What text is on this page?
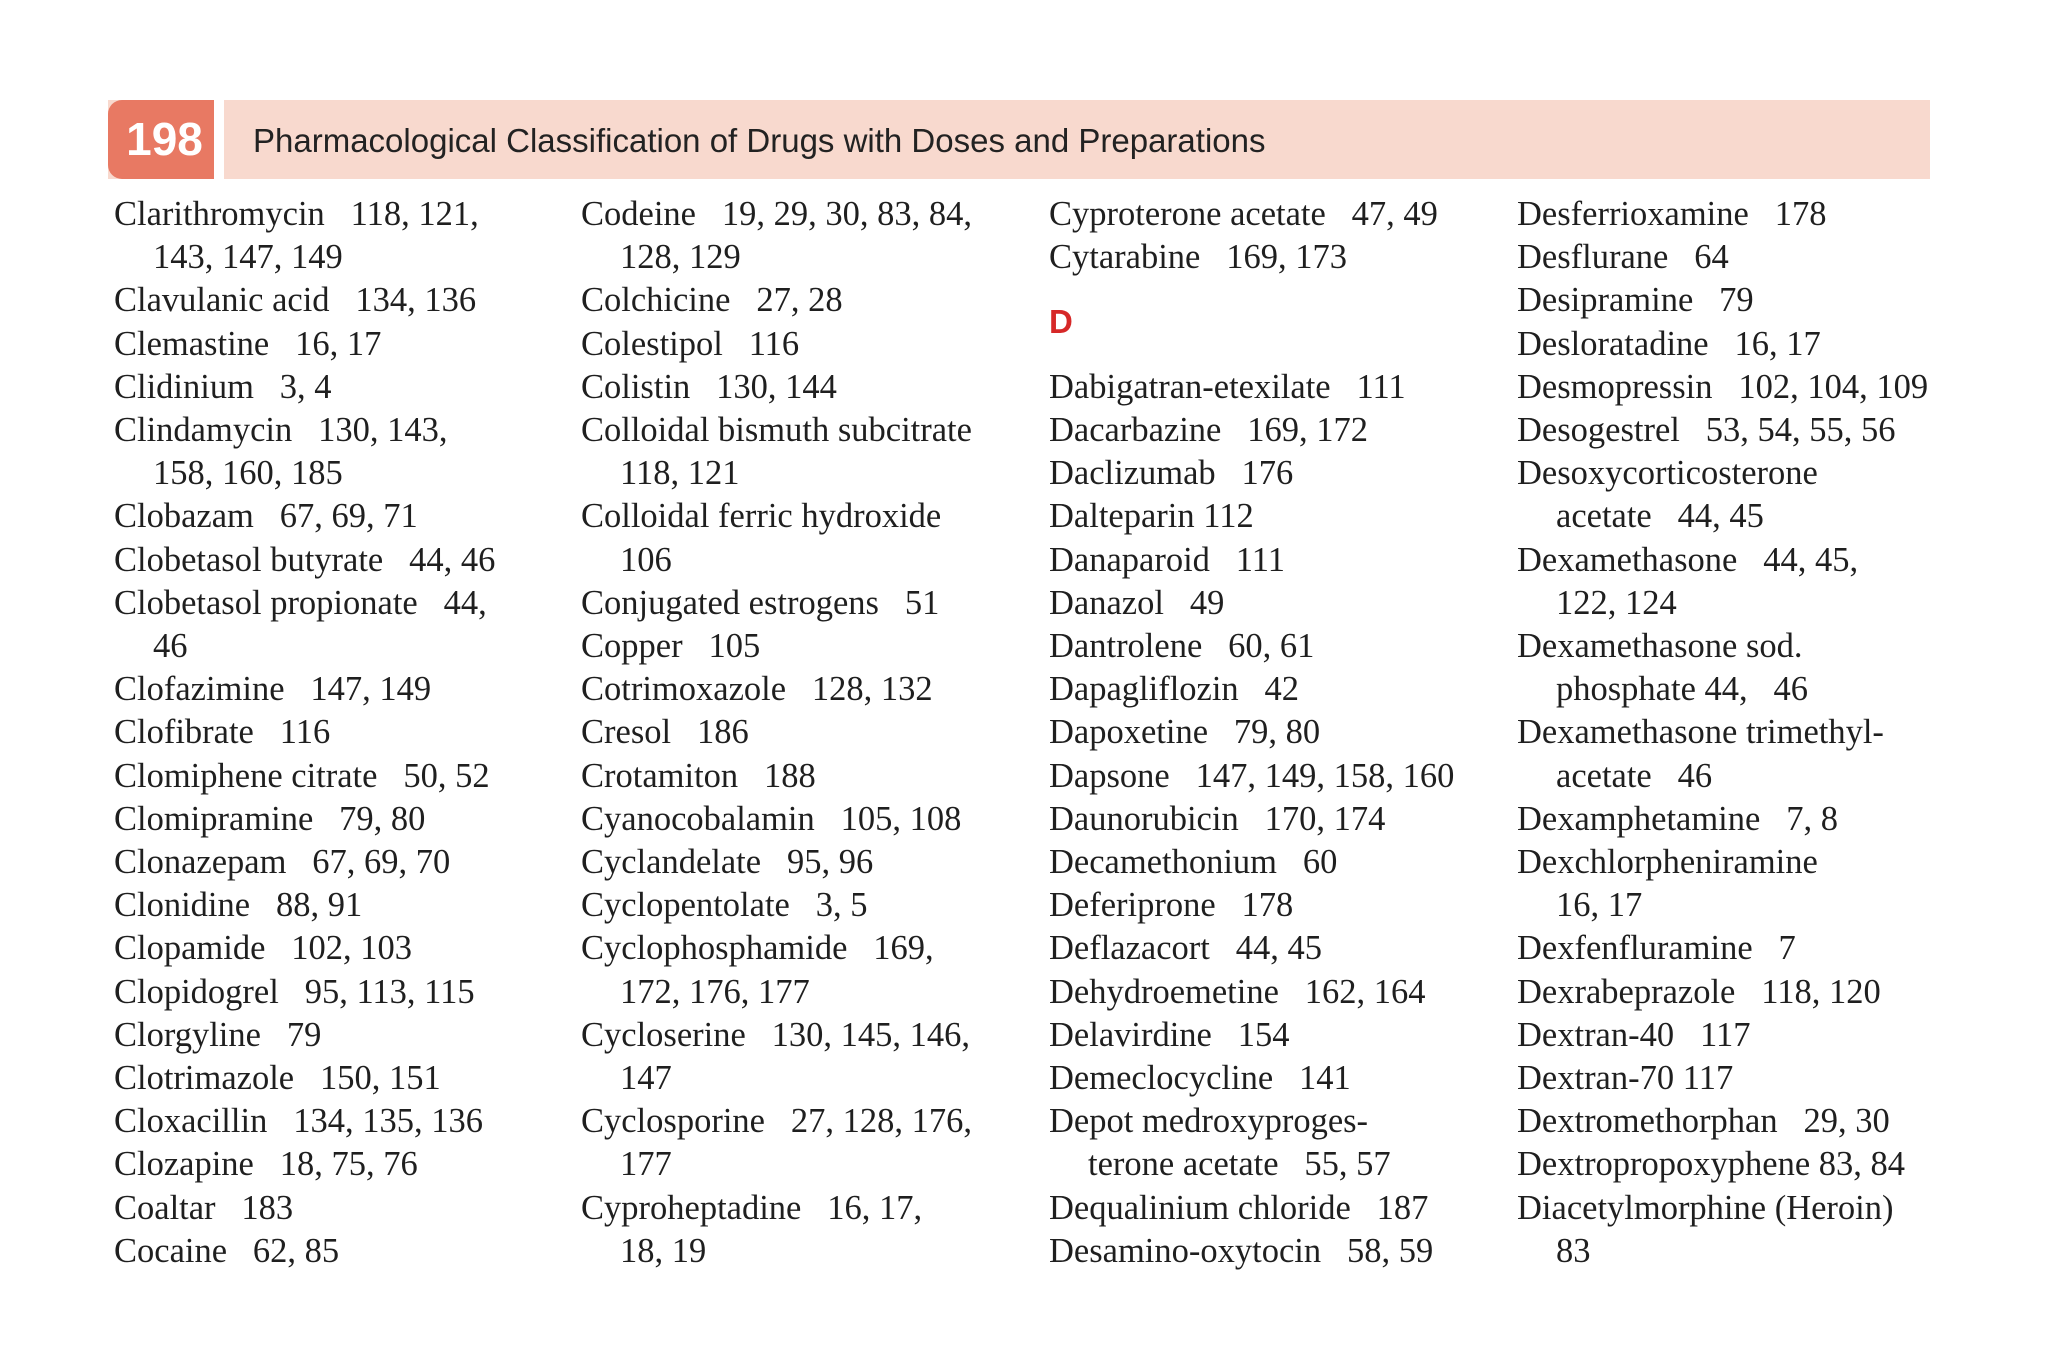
198	Pharmacological Classification of Drugs with Doses and Preparations
Clarithromycin   118, 121,
143, 147, 149
Clavulanic acid   134, 136
Clemastine   16, 17
Clidinium   3, 4
Clindamycin   130, 143,
158, 160, 185
Clobazam   67, 69, 71
Clobetasol butyrate   44, 46
Clobetasol propionate   44,
46
Clofazimine   147, 149
Clofibrate   116
Clomiphene citrate   50, 52
Clomipramine   79, 80
Clonazepam   67, 69, 70
Clonidine   88, 91
Clopamide   102, 103
Clopidogrel   95, 113, 115
Clorgyline   79
Clotrimazole   150, 151
Cloxacillin   134, 135, 136
Clozapine   18, 75, 76
Coaltar   183
Cocaine   62, 85
Codeine   19, 29, 30, 83, 84,
128, 129
Colchicine   27, 28
Colestipol   116
Colistin   130, 144
Colloidal bismuth subcitrate
118, 121
Colloidal ferric hydroxide
106
Conjugated estrogens   51
Copper   105
Cotrimoxazole   128, 132
Cresol   186
Crotamiton   188
Cyanocobalamin   105, 108
Cyclandelate   95, 96
Cyclopentolate   3, 5
Cyclophosphamide   169,
172, 176, 177
Cycloserine   130, 145, 146,
147
Cyclosporine   27, 128, 176,
177
Cyproheptadine   16, 17,
18, 19
Cyproterone acetate   47, 49
Cytarabine   169, 173
D
Dabigatran-etexilate   111
Dacarbazine   169, 172
Daclizumab   176
Dalteparin 112
Danaparoid   111
Danazol   49
Dantrolene   60, 61
Dapagliflozin   42
Dapoxetine   79, 80
Dapsone   147, 149, 158, 160
Daunorubicin   170, 174
Decamethonium   60
Deferiprone   178
Deflazacort   44, 45
Dehydroemetine   162, 164
Delavirdine   154
Demeclocycline   141
Depot medroxyproges-
terone acetate   55, 57
Dequalinium chloride   187
Desamino-oxytocin   58, 59
Desferrioxamine   178
Desflurane   64
Desipramine   79
Desloratadine   16, 17
Desmopressin   102, 104, 109
Desogestrel   53, 54, 55, 56
Desoxycorticosterone
acetate   44, 45
Dexamethasone   44, 45,
122, 124
Dexamethasone sod.
phosphate 44,   46
Dexamethasone trimethyl-
acetate   46
Dexamphetamine   7, 8
Dexchlorpheniramine
16, 17
Dexfenfluramine   7
Dexrabeprazole   118, 120
Dextran-40   117
Dextran-70 117
Dextromethorphan   29, 30
Dextropropoxyphene 83, 84
Diacetylmorphine (Heroin)
83
